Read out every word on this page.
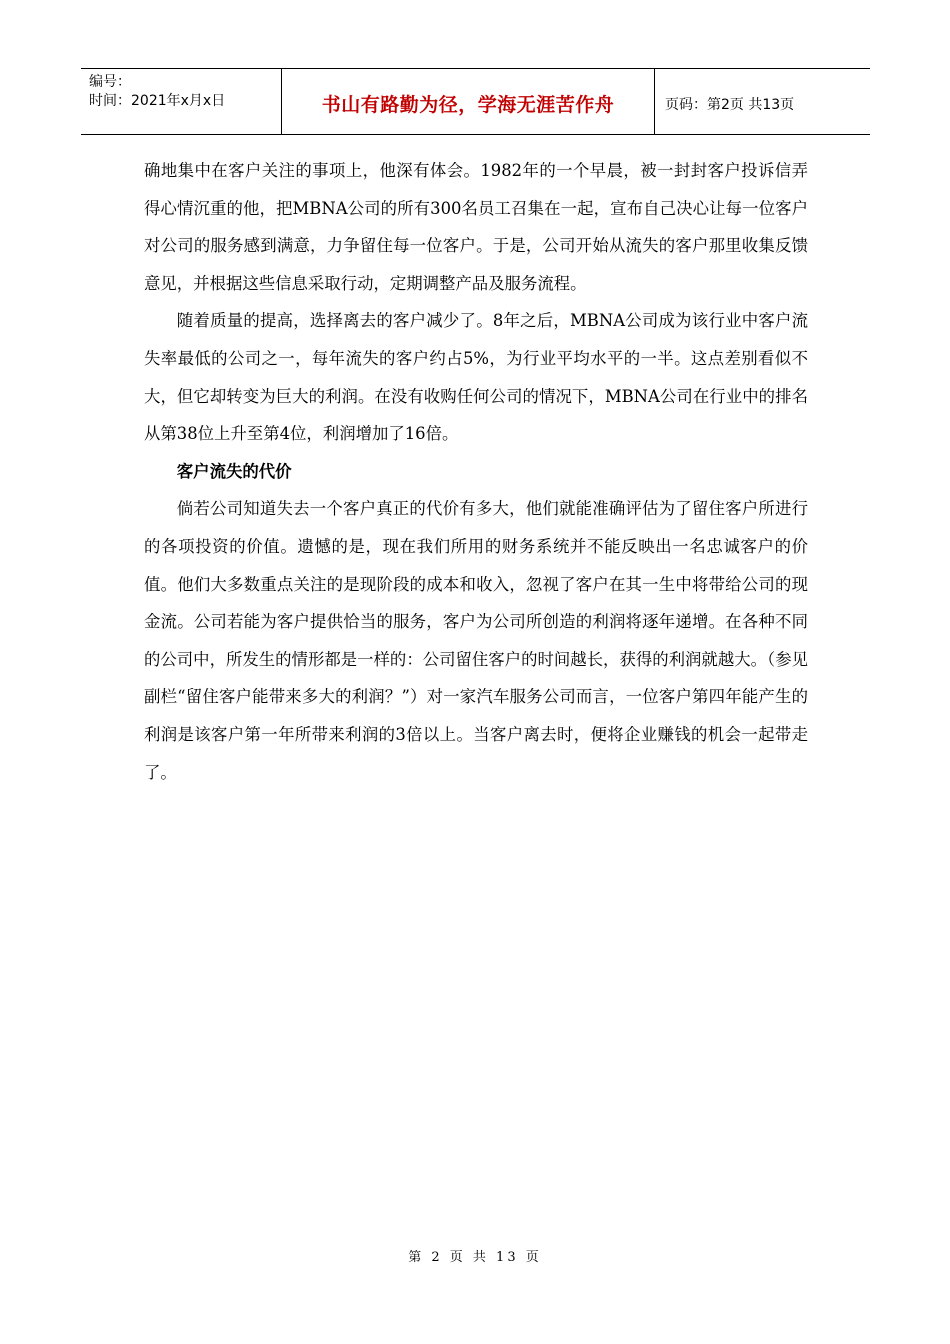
编号：
时间：2021年x月x日	书山有路勤为径，学海无涯苦作舟	页码：第2页 共13页

确地集中在客户关注的事项上，他深有体会。1982年的一个早晨，被一封封客户投诉信弄得心情沉重的他，把MBNA公司的所有300名员工召集在一起，宣布自己决心让每一位客户对公司的服务感到满意，力争留住每一位客户。于是，公司开始从流失的客户那里收集反馈意见，并根据这些信息采取行动，定期调整产品及服务流程。

随着质量的提高，选择离去的客户减少了。8年之后，MBNA公司成为该行业中客户流失率最低的公司之一，每年流失的客户约占5%，为行业平均水平的一半。这点差别看似不大，但它却转变为巨大的利润。在没有收购任何公司的情况下，MBNA公司在行业中的排名从第38位上升至第4位，利润增加了16倍。

客户流失的代价

倘若公司知道失去一个客户真正的代价有多大，他们就能准确评估为了留住客户所进行的各项投资的价值。遗憾的是，现在我们所用的财务系统并不能反映出一名忠诚客户的价值。他们大多数重点关注的是现阶段的成本和收入，忽视了客户在其一生中将带给公司的现金流。公司若能为客户提供恰当的服务，客户为公司所创造的利润将逐年递增。在各种不同的公司中，所发生的情形都是一样的：公司留住客户的时间越长，获得的利润就越大。（参见副栏“留住客户能带来多大的利润？”）对一家汽车服务公司而言，一位客户第四年能产生的利润是该客户第一年所带来利润的3倍以上。当客户离去时，便将企业赚钱的机会一起带走了。

第 2 页 共 13 页
